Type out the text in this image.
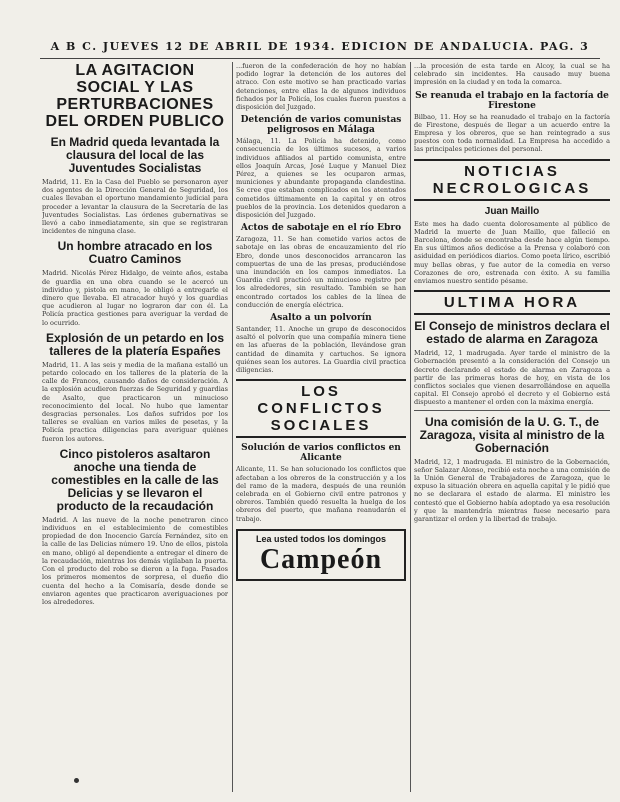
A B C. JUEVES 12 DE ABRIL DE 1934. EDICION DE ANDALUCIA. PAG. 3
LA AGITACION SOCIAL Y LAS PERTURBACIONES DEL ORDEN PUBLICO
En Madrid queda levantada la clausura del local de las Juventudes Socialistas

Madrid, 11. En la Casa del Pueblo se personaron ayer dos agentes de la Dirección General de Seguridad, los cuales llevaban el oportuno mandamiento judicial para proceder a levantar la clausura de la Secretaría de las Juventudes Socialistas. Las órdenes gubernativas se llevó a cabo inmediatamente, sin que se registraran incidentes de ninguna clase.

Un hombre atracado en los Cuatro Caminos

Madrid. Nicolás Pérez Hidalgo, de veinte años, estaba de guardia en una obra cuando se le acercó un individuo y, pistola en mano, le obligó a entregarle el dinero que llevaba. El atracador huyó y los guardias que acudieron al lugar no lograron dar con él. La Policía practica gestiones para averiguar la verdad de lo ocurrido.

Explosión de un petardo en los talleres de la platería Españes

Madrid, 11. A las seis y media de la mañana estalló un petardo colocado en los talleres de la platería de la calle de Francos, causando daños de consideración. A la explosión acudieron fuerzas de Seguridad y guardias de Asalto, que practicaron un minucioso reconocimiento del local. No hubo que lamentar desgracias personales. Los daños sufridos por los talleres se evalúan en varios miles de pesetas, y la Policía practica diligencias para averiguar quiénes fueron los autores.

Cinco pistoleros asaltaron anoche una tienda de comestibles en la calle de las Delicias y se llevaron el producto de la recaudación

Madrid. A las nueve de la noche penetraron cinco individuos en el establecimiento de comestibles propiedad de don Inocencio García Fernández, sito en la calle de las Delicias número 19. Uno de ellos, pistola en mano, obligó al dependiente a entregar el dinero de la recaudación, mientras los demás vigilaban la puerta. Con el producto del robo se dieron a la fuga. Pasados los primeros momentos de sorpresa, el dueño dio cuenta del hecho a la Comisaría, desde donde se enviaron agentes que practicaron averiguaciones por los alrededores.

...fueron de la confederación de hoy no habían podido lograr la detención de los autores del atraco. Con este motivo se han practicado varias detenciones, entre ellas la de algunos individuos fichados por la Policía, los cuales fueron puestos a disposición del Juzgado.

Detención de varios comunistas peligrosos en Málaga

Málaga, 11. La Policía ha detenido, como consecuencia de los últimos sucesos, a varios individuos afiliados al partido comunista, entre ellos Joaquín Arcas, José Luque y Manuel Diez Pérez, a quienes se les ocuparon armas, municiones y abundante propaganda clandestina. Se cree que estaban complicados en los atentados cometidos últimamente en la capital y en otros pueblos de la provincia. Los detenidos quedaron a disposición del Juzgado.

Actos de sabotaje en el río Ebro

Zaragoza, 11. Se han cometido varios actos de sabotaje en las obras de encauzamiento del río Ebro, donde unos desconocidos arrancaron las compuertas de una de las presas, produciéndose una inundación en los campos inmediatos. La Guardia civil practicó un minucioso registro por los alrededores, sin resultado. También se han encontrado cortados los cables de la línea de conducción de energía eléctrica.

Asalto a un polvorín

Santander, 11. Anoche un grupo de desconocidos asaltó el polvorín que una compañía minera tiene en las afueras de la población, llevándose gran cantidad de dinamita y cartuchos. Se ignora quiénes sean los autores. La Guardia civil practica diligencias.

LOS CONFLICTOS SOCIALES
Solución de varios conflictos en Alicante

Alicante, 11. Se han solucionado los conflictos que afectaban a los obreros de la construcción y a los del ramo de la madera, después de una reunión celebrada en el Gobierno civil entre patronos y obreros. También quedó resuelta la huelga de los obreros del puerto, que mañana reanudarán el trabajo.

Lea usted todos los domingos
Campeón

...la procesión de esta tarde en Alcoy, la cual se ha celebrado sin incidentes. Ha causado muy buena impresión en la ciudad y en toda la comarca.

Se reanuda el trabajo en la factoría de Firestone

Bilbao, 11. Hoy se ha reanudado el trabajo en la factoría de Firestone, después de llegar a un acuerdo entre la Empresa y los obreros, que se han reintegrado a sus puestos con toda normalidad. La Empresa ha accedido a las principales peticiones del personal.

NOTICIAS NECROLOGICAS
Juan Maillo

Este mes ha dado cuenta dolorosamente al público de Madrid la muerte de Juan Maillo, que falleció en Barcelona, donde se encontraba desde hace algún tiempo. En sus últimos años dedicóse a la Prensa y colaboró con asiduidad en periódicos diarios. Como poeta lírico, escribió muy bellas obras, y fue autor de la comedia en verso Corazones de oro, estrenada con éxito. A su familia enviamos nuestro sentido pésame.

ULTIMA HORA
El Consejo de ministros declara el estado de alarma en Zaragoza

Madrid, 12, 1 madrugada. Ayer tarde el ministro de la Gobernación presentó a la consideración del Consejo un decreto declarando el estado de alarma en Zaragoza a partir de las primeras horas de hoy, en vista de los conflictos sociales que vienen desarrollándose en aquella capital. El Consejo aprobó el decreto y el Gobierno está dispuesto a mantener el orden con la máxima energía.

Una comisión de la U. G. T., de Zaragoza, visita al ministro de la Gobernación

Madrid, 12, 1 madrugada. El ministro de la Gobernación, señor Salazar Alonso, recibió esta noche a una comisión de la Unión General de Trabajadores de Zaragoza, que le expuso la situación obrera en aquella capital y le pidió que no se declarara el estado de alarma. El ministro les contestó que el Gobierno había adoptado ya esa resolución y que la mantendría mientras fuese necesario para garantizar el orden y la libertad de trabajo.
